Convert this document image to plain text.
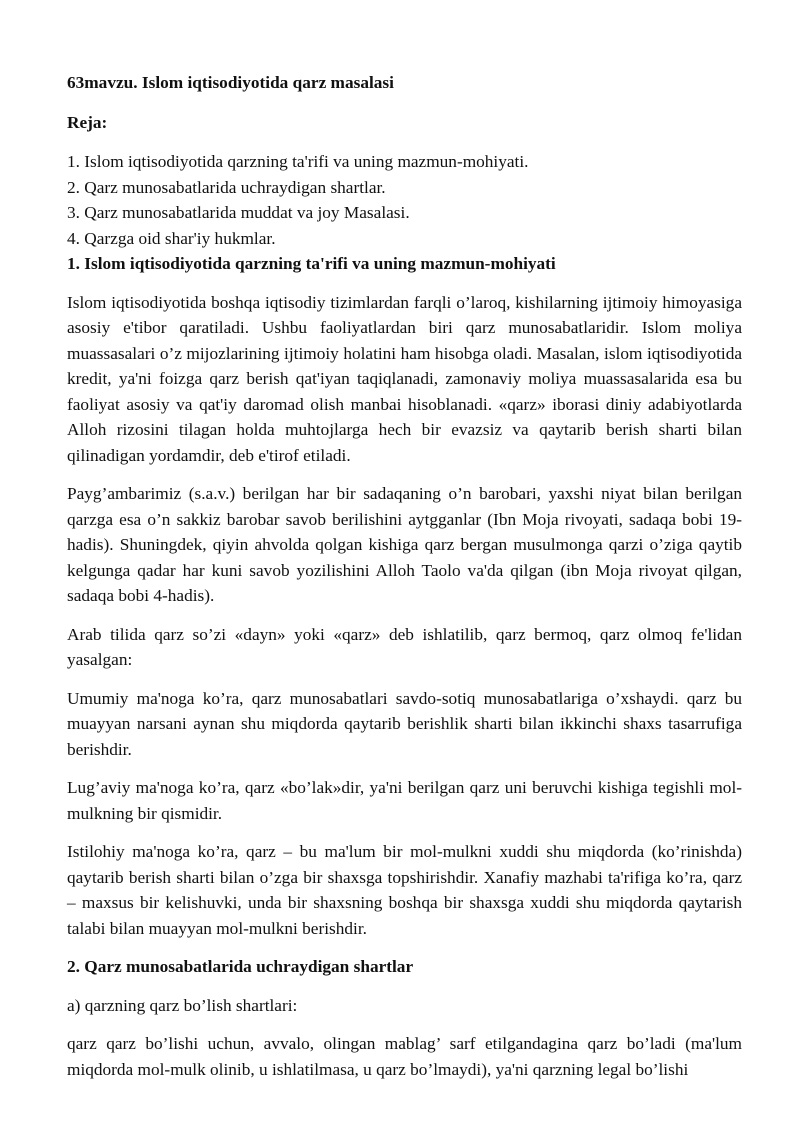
63mavzu. Islom iqtisodiyotida qarz masalasi
Reja:
1. Islom iqtisodiyotida qarzning ta'rifi va uning mazmun-mohiyati.
2. Qarz munosabatlarida uchraydigan shartlar.
3. Qarz munosabatlarida muddat va joy Masalasi.
4. Qarzga oid shar'iy hukmlar.
1. Islom iqtisodiyotida qarzning ta'rifi va uning mazmun-mohiyati

Islom iqtisodiyotida boshqa iqtisodiy tizimlardan farqli o’laroq, kishilarning ijtimoiy himoyasiga asosiy e'tibor qaratiladi. Ushbu faoliyatlardan biri qarz munosabatlaridir. Islom moliya muassasalari o’z mijozlarining ijtimoiy holatini ham hisobga oladi. Masalan, islom iqtisodiyotida kredit, ya'ni foizga qarz berish qat'iyan taqiqlanadi, zamonaviy moliya muassasalarida esa bu faoliyat asosiy va qat'iy daromad olish manbai hisoblanadi. «qarz» iborasi diniy adabiyotlarda Alloh rizosini tilagan holda muhtojlarga hech bir evazsiz va qaytarib berish sharti bilan qilinadigan yordamdir, deb e'tirof etiladi.

Payg’ambarimiz (s.a.v.) berilgan har bir sadaqaning o’n barobari, yaxshi niyat bilan berilgan qarzga esa o’n sakkiz barobar savob berilishini aytgganlar (Ibn Moja rivoyati, sadaqa bobi 19-hadis). Shuningdek, qiyin ahvolda qolgan kishiga qarz bergan musulmonga qarzi o’ziga qaytib kelgunga qadar har kuni savob yozilishini Alloh Taolo va'da qilgan (ibn Moja rivoyat qilgan, sadaqa bobi 4-hadis).

Arab tilida qarz so’zi «dayn» yoki «qarz» deb ishlatilib, qarz bermoq, qarz olmoq fe'lidan yasalgan:

Umumiy ma'noga ko’ra, qarz munosabatlari savdo-sotiq munosabatlariga o’xshaydi. qarz bu muayyan narsani aynan shu miqdorda qaytarib berishlik sharti bilan ikkinchi shaxs tasarrufiga berishdir.

Lug’aviy ma'noga ko’ra, qarz «bo’lak»dir, ya'ni berilgan qarz uni beruvchi kishiga tegishli mol-mulkning bir qismidir.

Istilohiy ma'noga ko’ra, qarz – bu ma'lum bir mol-mulkni xuddi shu miqdorda (ko’rinishda) qaytarib berish sharti bilan o’zga bir shaxsga topshirishdir. Xanafiy mazhabi ta'rifiga ko’ra, qarz – maxsus bir kelishuvki, unda bir shaxsning boshqa bir shaxsga xuddi shu miqdorda qaytarish talabi bilan muayyan mol-mulkni berishdir.

2. Qarz munosabatlarida uchraydigan shartlar

a) qarzning qarz bo’lish shartlari:

qarz qarz bo’lishi uchun, avvalo, olingan mablag’ sarf etilgandagina qarz bo’ladi (ma'lum miqdorda mol-mulk olinib, u ishlatilmasa, u qarz bo’lmaydi), ya'ni qarzning legal bo’lishi
